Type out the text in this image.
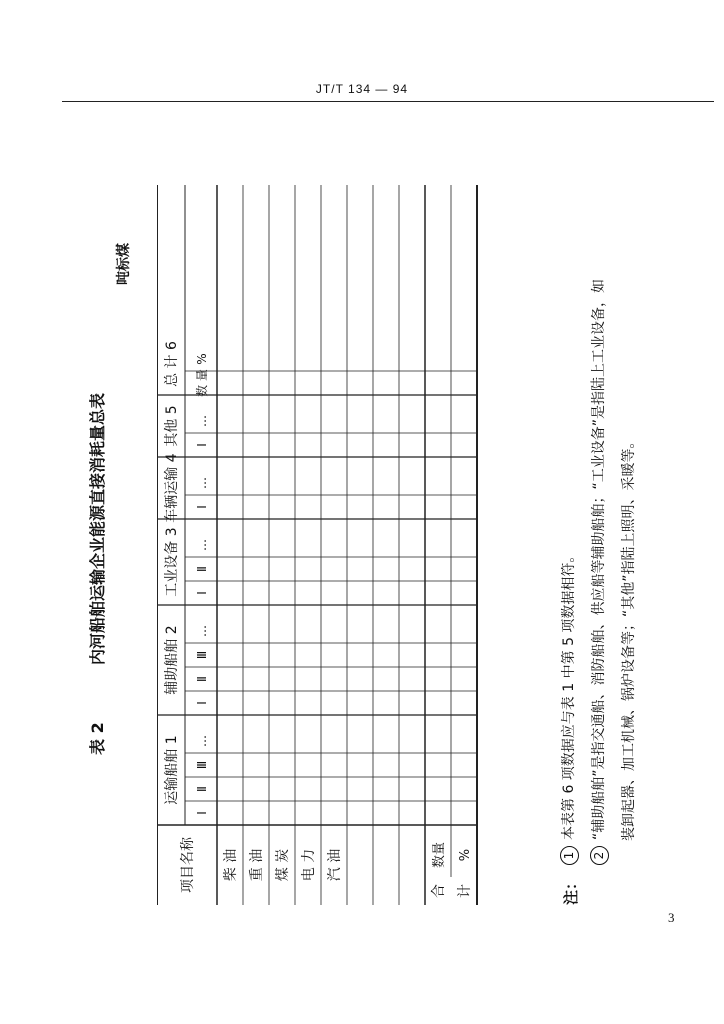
JT/T 134 — 94
表 2
内河船舶运输企业能源直接消耗量总表
吨标煤
项目名称
运输船舶 1
Ⅰ
Ⅱ
Ⅲ
…
辅助船舶 2
Ⅰ
Ⅱ
Ⅲ
…
工业设备 3 Ⅰ
Ⅱ
…
车辆运输 4 Ⅰ
…
其他 5 Ⅰ
…
总 计 6 数 量
%
柴 油 重 油 煤 炭 电 力 汽 油
合 计
数量 %
注：
1本表第 6 项数据应与表 1 中第 5 项数据相符。
2“辅助船舶”是指交通船、消防船舶、供应船等辅助船舶；“工业设备”是指陆上工业设备，如 装卸起器、加工机械、锅炉设备等；“其他”指陆上照明、采暖等。
3
